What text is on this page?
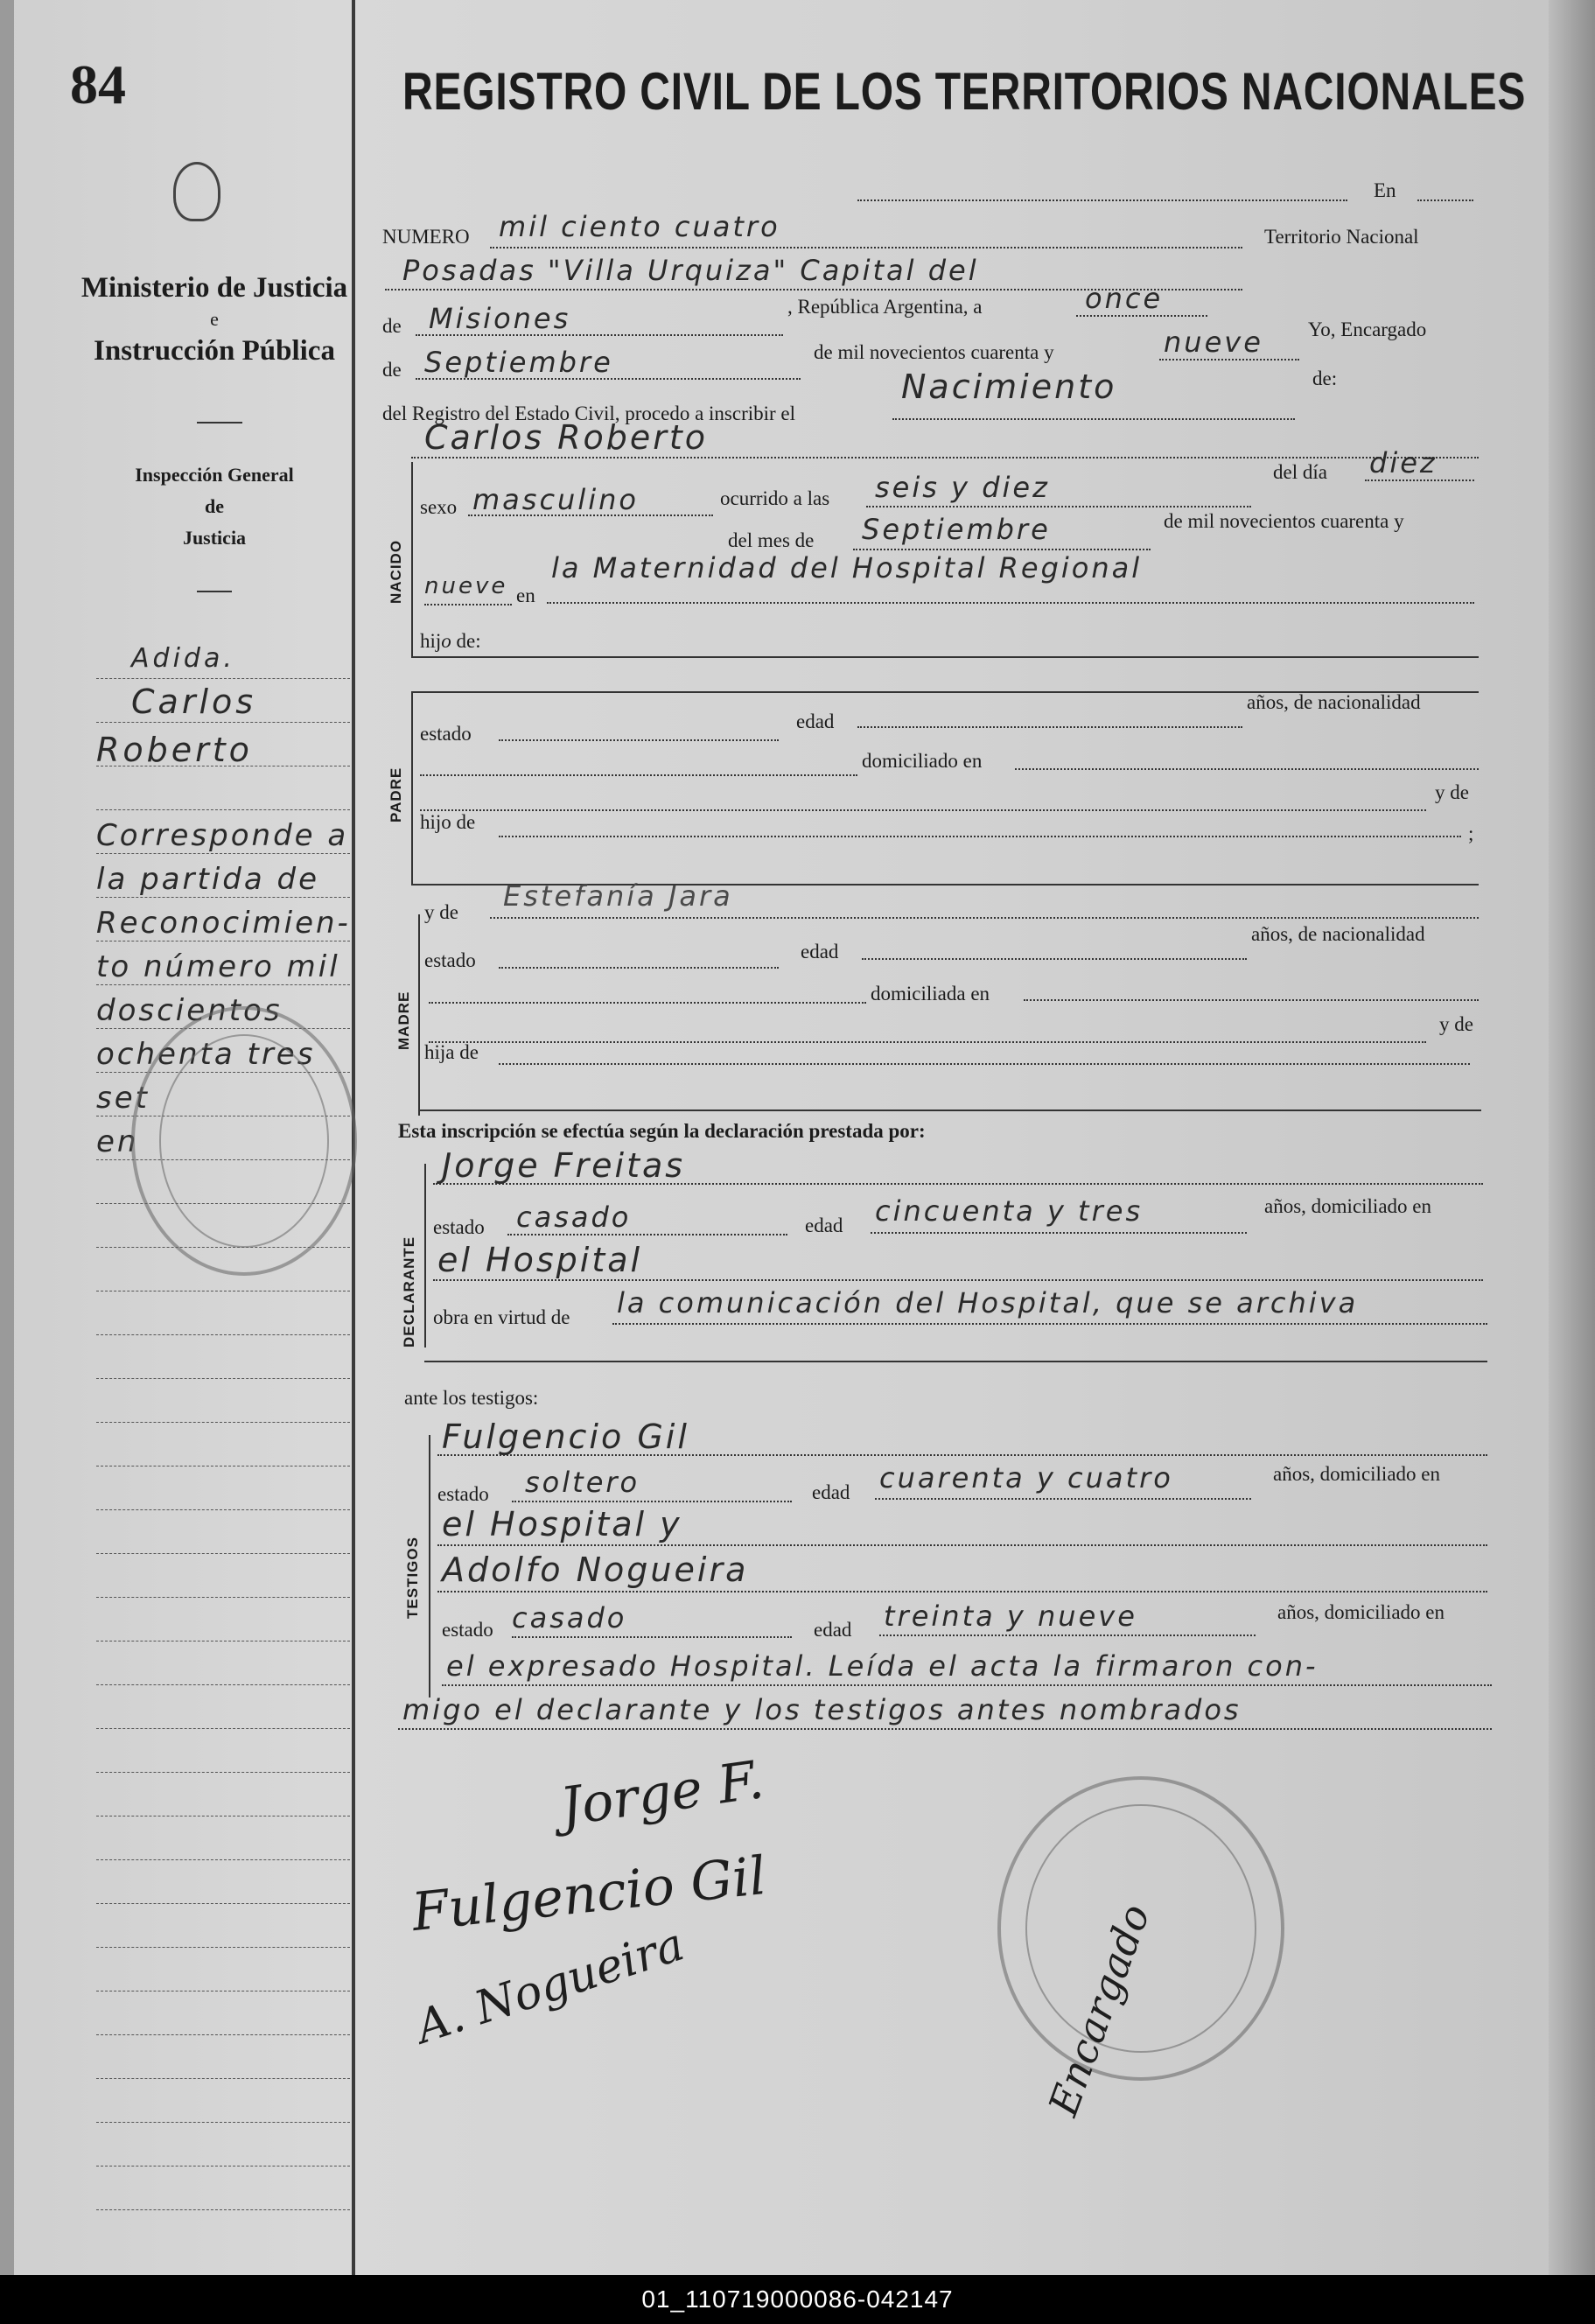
84	REGISTRO CIVIL DE LOS TERRITORIOS NACIONALES
Ministerio de Justicia
e
Instrucción Pública
Inspección General
de
Justicia
Adida.
Carlos
Roberto
Corresponde a
la partida de
Reconocimien-
to número mil
doscientos
ochenta tres
set
en
En
NUMERO mil ciento cuatro	Territorio Nacional
Posadas "Villa Urquiza" Capital del
de Misiones	, República Argentina, a	once
de Septiembre	de mil novecientos cuarenta y	nueve Yo, Encargado
del Registro del Estado Civil, procedo a inscribir el
Nacimiento	de:
Carlos Roberto
NACIDO
sexo masculino	ocurrido a las seis y diez	del día diez
del mes de Septiembre	de mil novecientos cuarenta y
nueve en
la Maternidad del Hospital Regional
hijo de:
PADRE
estado
edad
años, de nacionalidad
domiciliado en
y de
hijo de
;
MADRE
y de Estefanía Jara
estado	edad
años, de nacionalidad
domiciliada en
y de
hija de
Esta inscripción se efectúa según la declaración prestada por:
DECLARANTE
Jorge Freitas
estado casado	edad cincuenta y tres	años, domiciliado en
el Hospital
obra en virtud de la comunicación del Hospital, que se archiva
ante los testigos:
TESTIGOS
Fulgencio Gil
estado soltero	edad cuarenta y cuatro	años, domiciliado en
el Hospital y
Adolfo Nogueira
estado casado	edad treinta y nueve	años, domiciliado en
el expresado Hospital. Leída el acta la firmaron con-
migo el declarante y los testigos antes nombrados
Jorge F.
Fulgencio Gil
A. Nogueira	Encargado
01_110719000086-042147
